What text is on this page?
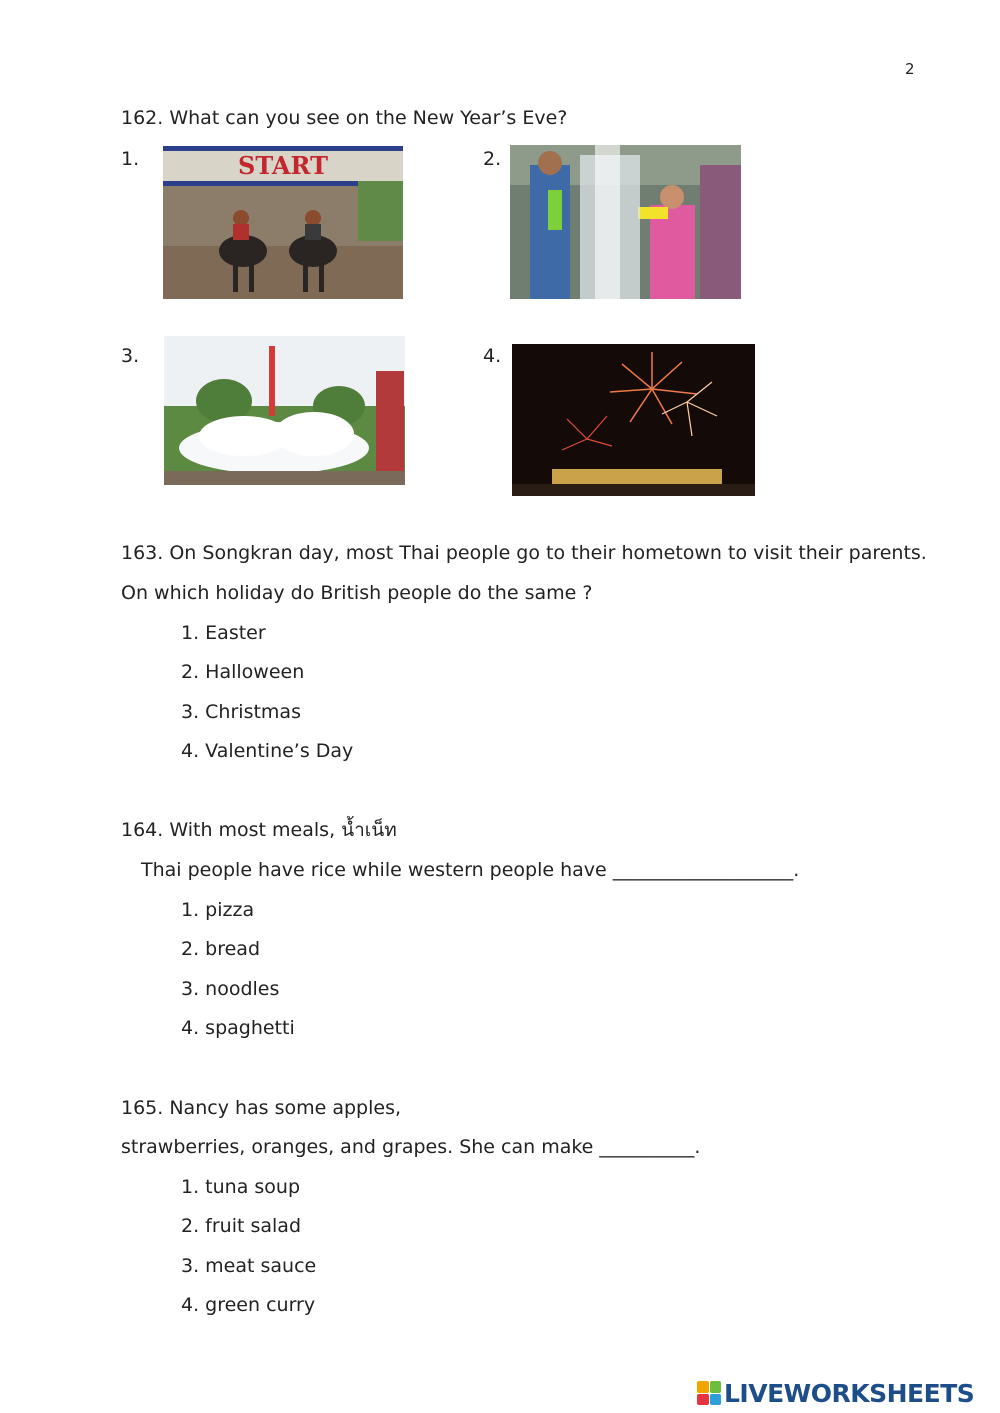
2
162. What can you see on the New Year’s Eve?
1.	START	2.
3.	4.
163. On Songkran day, most Thai people go to their hometown to visit their parents.
On which holiday do British people do the same ?
1. Easter
2. Halloween
3. Christmas
4. Valentine’s Day
164. With most meals, น้ำเน็ท
Thai people have rice while western people have ___________________.
1. pizza
2. bread
3. noodles
4. spaghetti
165. Nancy has some apples,
strawberries, oranges, and grapes. She can make __________.
1. tuna soup
2. fruit salad
3. meat sauce
4. green curry
LIVEWORKSHEETS
